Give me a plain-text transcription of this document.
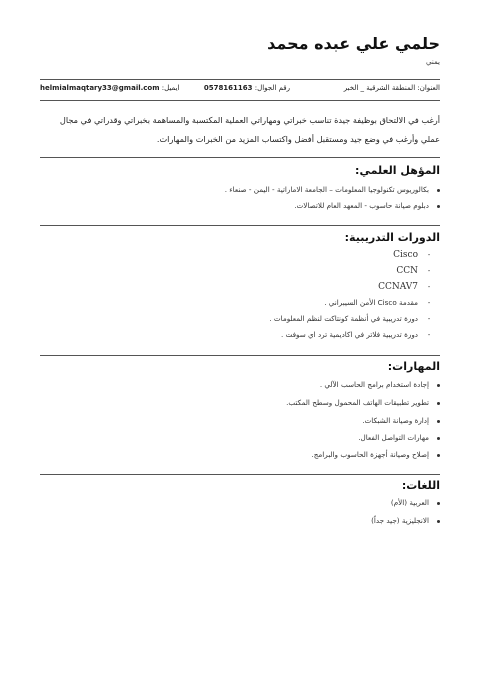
حلمي علي عبده محمد
يمني
العنوان: المنطقة الشرقية _ الخبر
رقم الجوال: 0578161163
ايميل: helmialmaqtary33@gmail.com
أرغب في الالتحاق بوظيفة جيدة تناسب خبراتي ومهاراتي العملية المكتسبة والمساهمة بخبراتي وقدراتي في مجال عملي وأرغب في وضع جيد ومستقبل أفضل واكتساب المزيد من الخبرات والمهارات.
المؤهل العلمي:
بكالوريوس تكنولوجيا المعلومات – الجامعة الاماراتية - اليمن - صنعاء .
دبلوم صيانة حاسوب - المعهد العام للاتصالات.
الدورات التدريبية:
-Cisco
-CCN
-CCNAV7
-مقدمة Cisco الأمن السيبراني .
-دورة تدريبية في أنظمة كونتاكت لنظم المعلومات .
-دورة تدريبية فلاتر في اكاديمية ترد اي سوفت .
المهارات:
إجادة استخدام برامج الحاسب الآلي .
تطوير تطبيقات الهاتف المحمول وسطح المكتب.
إدارة وصيانة الشبكات.
مهارات التواصل الفعال.
إصلاح وصيانة أجهزة الحاسوب والبرامج.
اللغات:
العربية (الأم)
الانجليزية (جيد جداً)
